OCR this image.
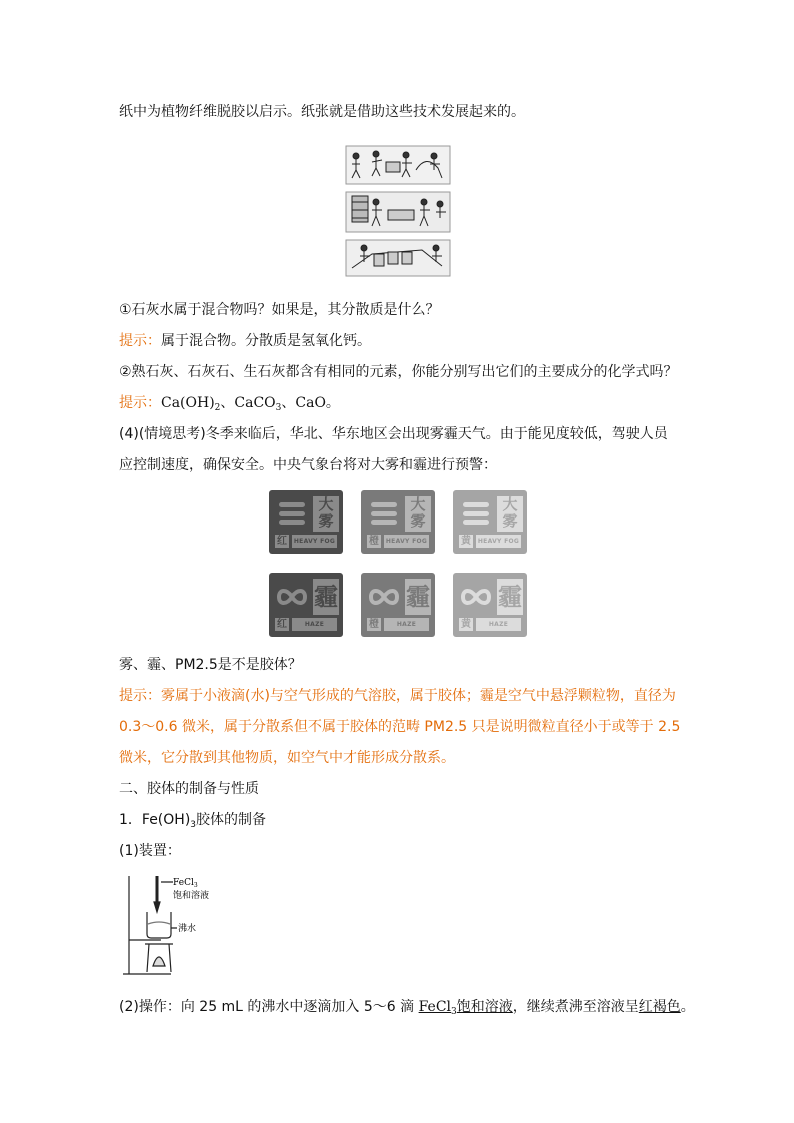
纸中为植物纤维脱胶以启示。纸张就是借助这些技术发展起来的。
①石灰水属于混合物吗？如果是，其分散质是什么？
提示：属于混合物。分散质是氢氧化钙。
②熟石灰、石灰石、生石灰都含有相同的元素，你能分别写出它们的主要成分的化学式吗？
提示：$Ca(OH)_2$、CaCO$_3$、CaO。
(4)(情境思考)冬季来临后，华北、华东地区会出现雾霾天气。由于能见度较低，驾驶人员
应控制速度，确保安全。中央气象台将对大雾和霾进行预警：
大雾
红	HEAVY FOG
大雾
橙	HEAVY FOG
大雾
黄	HEAVY FOG
霾
红	HAZE
霾
橙	HAZE
霾
黄	HAZE
雾、霾、PM2.5是不是胶体？
提示：雾属于小液滴(水)与空气形成的气溶胶，属于胶体；霾是空气中悬浮颗粒物，直径为
0.3～0.6 微米，属于分散系但不属于胶体的范畴 PM2.5 只是说明微粒直径小于或等于 2.5
微米，它分散到其他物质，如空气中才能形成分散系。
二、胶体的制备与性质
1．$Fe(OH)_3$胶体的制备
(1)装置：
FeCl$_3$
饱和溶液
沸水
(2)操作：向 25 mL 的沸水中逐滴加入 5～6 滴 FeCl$_3$饱和溶液，继续煮沸至溶液呈红褐色。
